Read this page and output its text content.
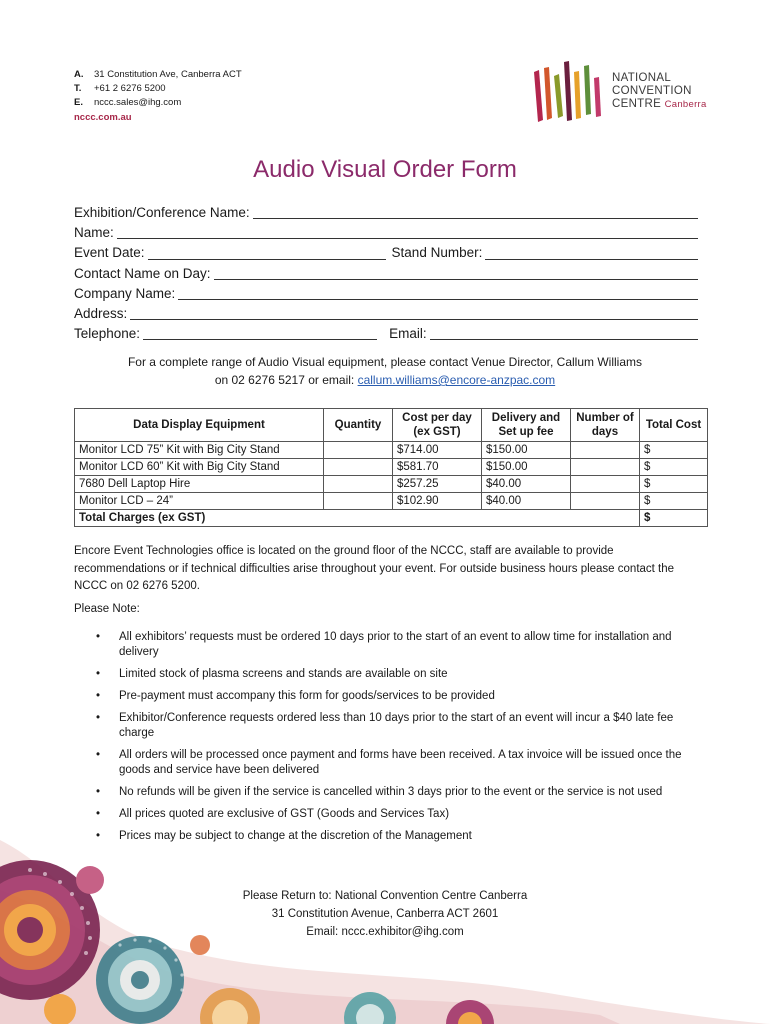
A.	31 Constitution Ave, Canberra ACT
T.	+61 2 6276 5200
E.	nccc.sales@ihg.com
nccc.com.au
NATIONAL
CONVENTION
CENTRE Canberra
Audio Visual Order Form
Exhibition/Conference Name:
Name:
Event Date:	Stand Number:
Contact Name on Day:
Company Name:
Address:
Telephone:	Email:
For a complete range of Audio Visual equipment, please contact Venue Director, Callum Williams
on 02 6276 5217 or email: callum.williams@encore-anzpac.com
Data Display Equipment	Quantity	Cost per day (ex GST)	Delivery and Set up fee	Number of days	Total Cost
Monitor LCD 75” Kit with Big City Stand		$714.00	$150.00		$
Monitor LCD 60” Kit with Big City Stand		$581.70	$150.00		$
7680 Dell Laptop Hire		$257.25	$40.00		$
Monitor LCD – 24”		$102.90	$40.00		$
Total Charges (ex GST)					$
Encore Event Technologies office is located on the ground floor of the NCCC, staff are available to provide recommendations or if technical difficulties arise throughout your event. For outside business hours please contact the NCCC on 02 6276 5200.
Please Note:
• All exhibitors’ requests must be ordered 10 days prior to the start of an event to allow time for installation and delivery
• Limited stock of plasma screens and stands are available on site
• Pre-payment must accompany this form for goods/services to be provided
• Exhibitor/Conference requests ordered less than 10 days prior to the start of an event will incur a $40 late fee charge
• All orders will be processed once payment and forms have been received. A tax invoice will be issued once the goods and service have been delivered
• No refunds will be given if the service is cancelled within 3 days prior to the event or the service is not used
• All prices quoted are exclusive of GST (Goods and Services Tax)
• Prices may be subject to change at the discretion of the Management
Please Return to: National Convention Centre Canberra
31 Constitution Avenue, Canberra ACT 2601
Email: nccc.exhibitor@ihg.com
